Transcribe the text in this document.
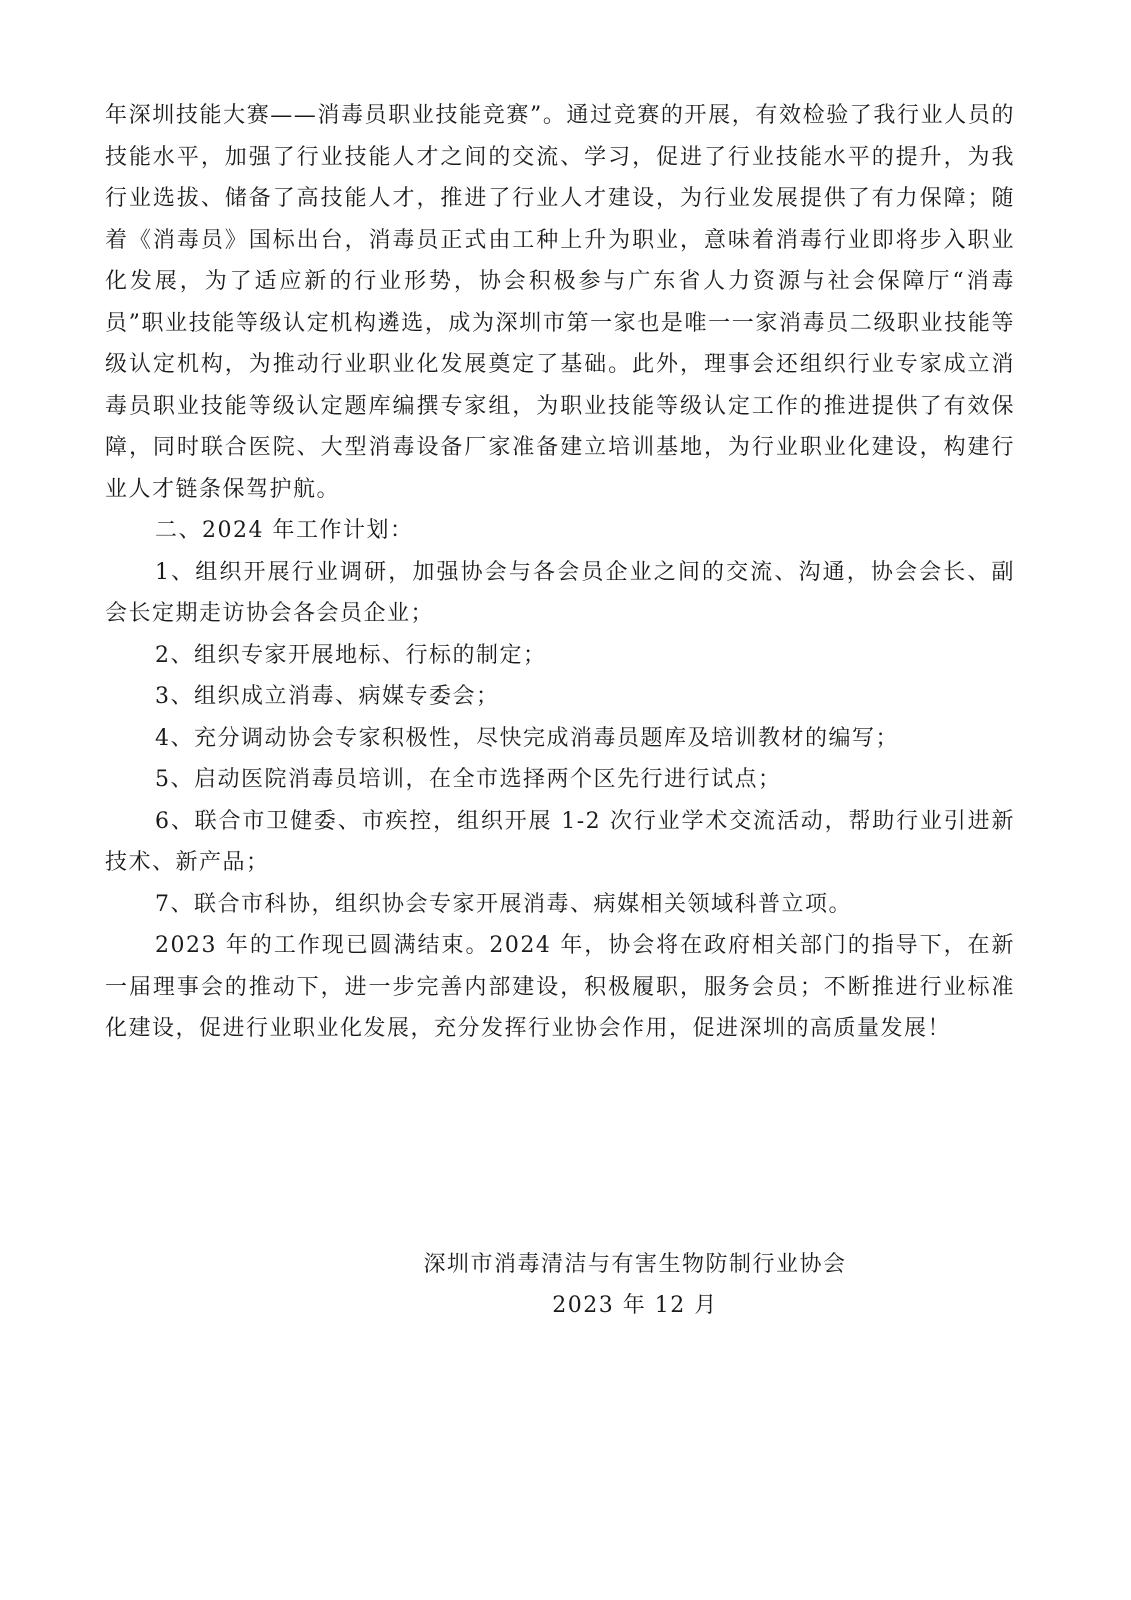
年深圳技能大赛——消毒员职业技能竞赛”。通过竞赛的开展，有效检验了我行业人员的技能水平，加强了行业技能人才之间的交流、学习，促进了行业技能水平的提升，为我行业选拔、储备了高技能人才，推进了行业人才建设，为行业发展提供了有力保障；随着《消毒员》国标出台，消毒员正式由工种上升为职业，意味着消毒行业即将步入职业化发展，为了适应新的行业形势，协会积极参与广东省人力资源与社会保障厅“消毒员”职业技能等级认定机构遴选，成为深圳市第一家也是唯一一家消毒员二级职业技能等级认定机构，为推动行业职业化发展奠定了基础。此外，理事会还组织行业专家成立消毒员职业技能等级认定题库编撰专家组，为职业技能等级认定工作的推进提供了有效保障，同时联合医院、大型消毒设备厂家准备建立培训基地，为行业职业化建设，构建行业人才链条保驾护航。

二、2024 年工作计划：

1、组织开展行业调研，加强协会与各会员企业之间的交流、沟通，协会会长、副会长定期走访协会各会员企业；

2、组织专家开展地标、行标的制定；

3、组织成立消毒、病媒专委会；

4、充分调动协会专家积极性，尽快完成消毒员题库及培训教材的编写；

5、启动医院消毒员培训，在全市选择两个区先行进行试点；

6、联合市卫健委、市疾控，组织开展 1-2 次行业学术交流活动，帮助行业引进新技术、新产品；

7、联合市科协，组织协会专家开展消毒、病媒相关领域科普立项。

2023 年的工作现已圆满结束。2024 年，协会将在政府相关部门的指导下，在新一届理事会的推动下，进一步完善内部建设，积极履职，服务会员；不断推进行业标准化建设，促进行业职业化发展，充分发挥行业协会作用，促进深圳的高质量发展！

深圳市消毒清洁与有害生物防制行业协会

2023 年 12 月
